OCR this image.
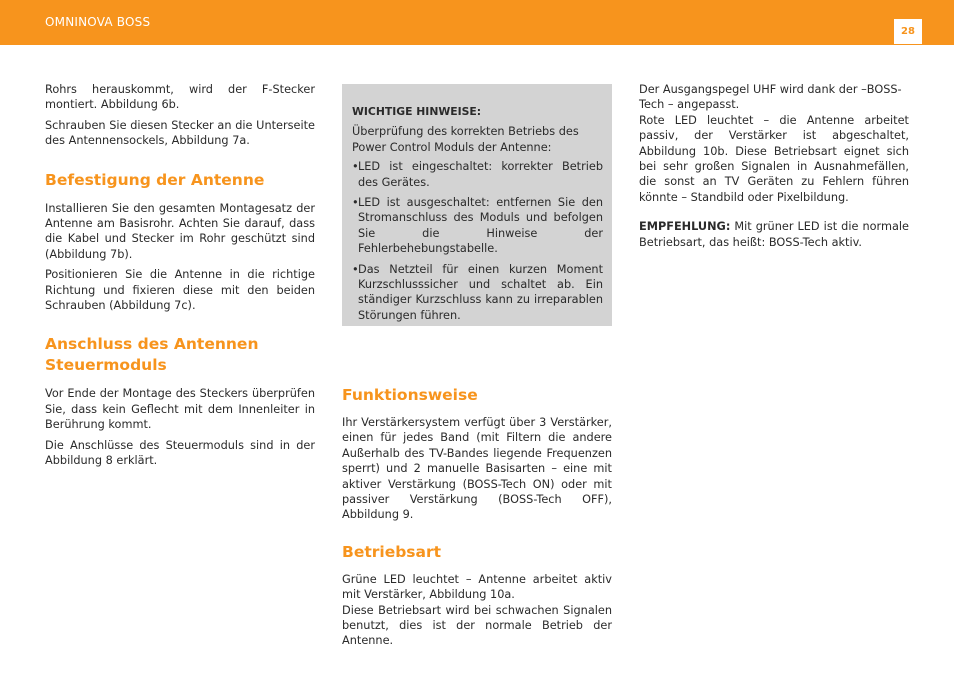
OMNINOVA BOSS
28

Rohrs herauskommt, wird der F-Stecker montiert. Abbildung 6b.

Schrauben Sie diesen Stecker an die Unterseite des Antennensockels, Abbildung 7a.

Befestigung der Antenne

Installieren Sie den gesamten Montagesatz der Antenne am Basisrohr. Achten Sie darauf, dass die Kabel und Stecker im Rohr geschützt sind (Abbildung 7b).

Positionieren Sie die Antenne in die richtige Richtung und fixieren diese mit den beiden Schrauben (Abbildung 7c).

Anschluss des Antennen
Steuermoduls

Vor Ende der Montage des Steckers überprüfen Sie, dass kein Geflecht mit dem Innenleiter in Berührung kommt.

Die Anschlüsse des Steuermoduls sind in der Abbildung 8 erklärt.

WICHTIGE HINWEISE:

Überprüfung des korrekten Betriebs des Power Control Moduls der Antenne:

• LED ist eingeschaltet: korrekter Betrieb des Gerätes.
• LED ist ausgeschaltet: entfernen Sie den Stromanschluss des Moduls und befolgen Sie die Hinweise der Fehlerbehebungstabelle.
• Das Netzteil für einen kurzen Moment Kurzschlusssicher und schaltet ab. Ein ständiger Kurzschluss kann zu irreparablen Störungen führen.
Funktionsweise

Ihr Verstärkersystem verfügt über 3 Verstärker, einen für jedes Band (mit Filtern die andere Außerhalb des TV-Bandes liegende Frequenzen sperrt) und 2 manuelle Basisarten – eine mit aktiver Verstärkung (BOSS-Tech ON) oder mit passiver Verstärkung (BOSS-Tech OFF), Abbildung 9.

Betriebsart

Grüne LED leuchtet – Antenne arbeitet aktiv mit Verstärker, Abbildung 10a.

Diese Betriebsart wird bei schwachen Signalen benutzt, dies ist der normale Betrieb der Antenne.

Der Ausgangspegel UHF wird dank der –BOSS-Tech – angepasst.

Rote LED leuchtet – die Antenne arbeitet passiv, der Verstärker ist abgeschaltet, Abbildung 10b. Diese Betriebsart eignet sich bei sehr großen Signalen in Ausnahmefällen, die sonst an TV Geräten zu Fehlern führen könnte – Standbild oder Pixelbildung.

EMPFEHLUNG: Mit grüner LED ist die normale Betriebsart, das heißt: BOSS-Tech aktiv.
